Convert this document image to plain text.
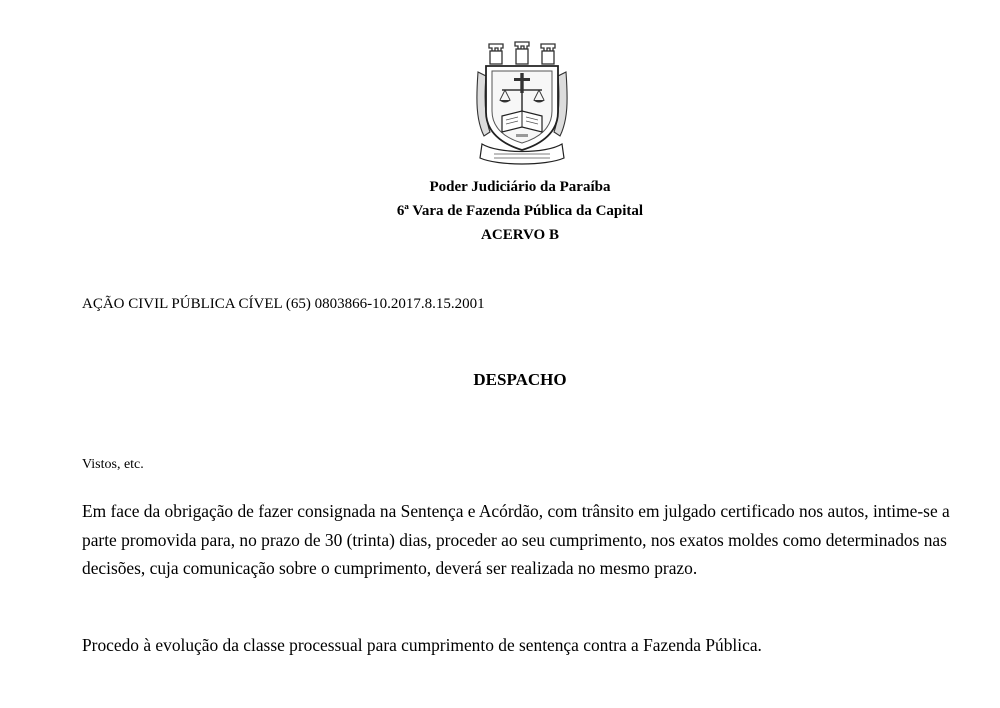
Poder Judiciário da Paraíba
6ª Vara de Fazenda Pública da Capital
ACERVO B
AÇÃO CIVIL PÚBLICA CÍVEL (65) 0803866-10.2017.8.15.2001
DESPACHO
Vistos, etc.
Em face da obrigação de fazer consignada na Sentença e Acórdão, com trânsito em julgado certificado nos autos, intime-se a parte promovida para, no prazo de 30 (trinta) dias, proceder ao seu cumprimento, nos exatos moldes como determinados nas decisões, cuja comunicação sobre o cumprimento, deverá ser realizada no mesmo prazo.
Procedo à evolução da classe processual para cumprimento de sentença contra a Fazenda Pública.
